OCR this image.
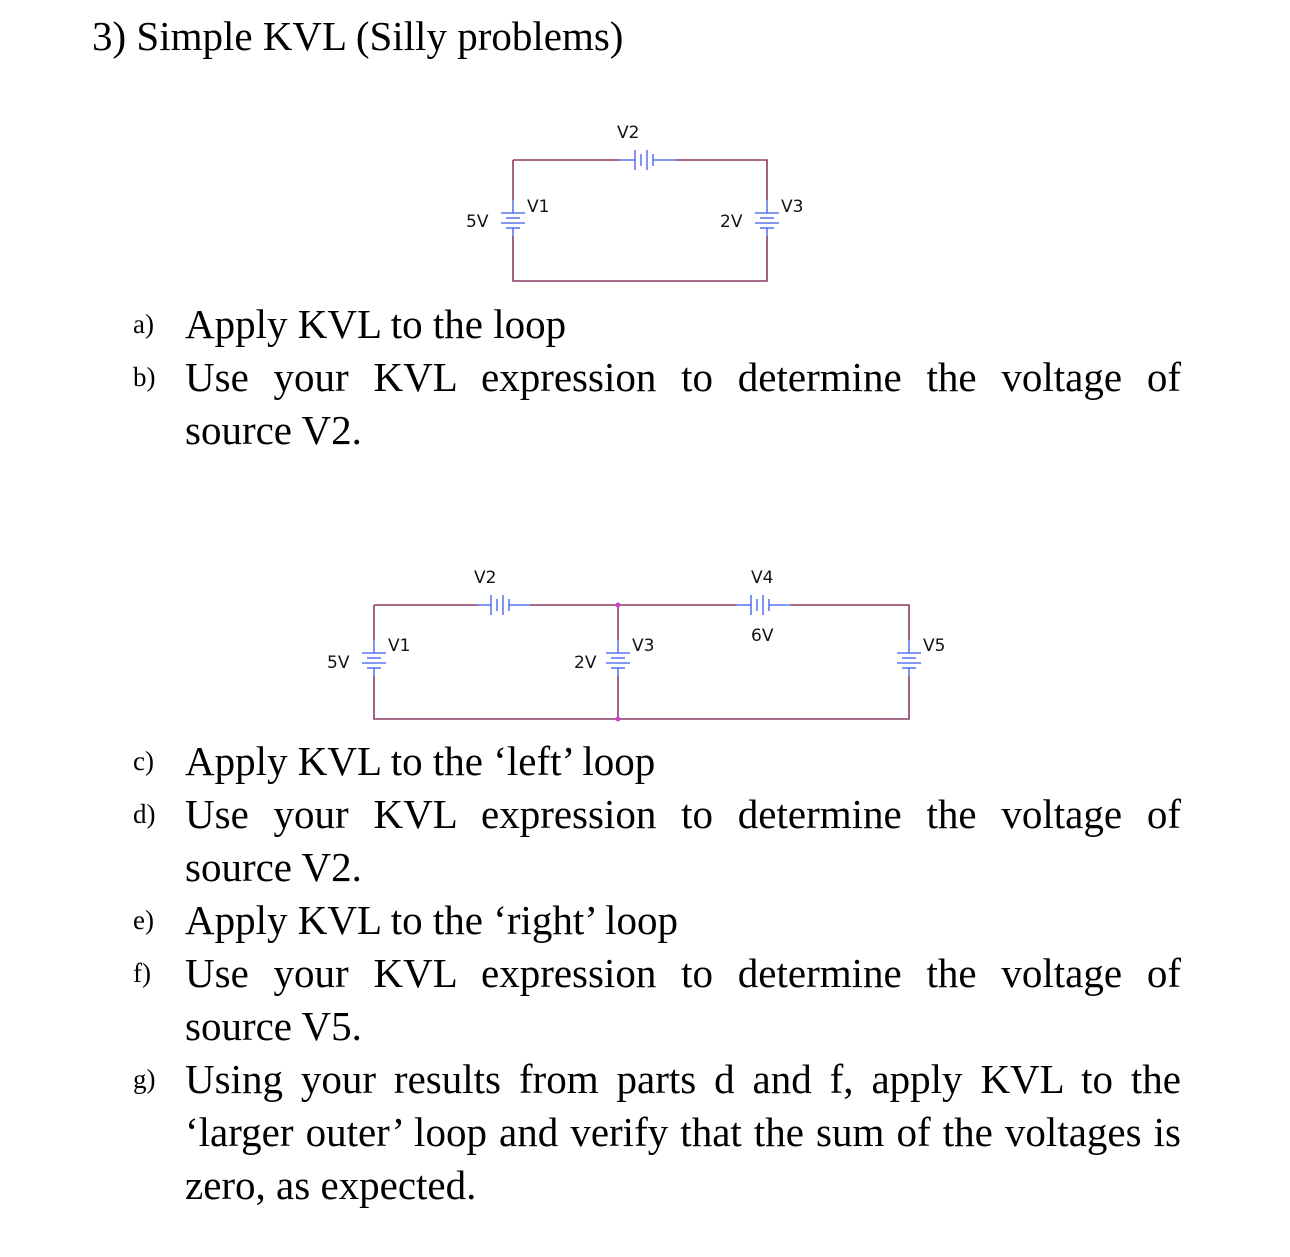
3) Simple KVL (Silly problems)
V1
5V
V2
V3
2V
a) Apply KVL to the loop
b) Use your KVL expression to determine the voltage of source V2.
V1
5V
V2
V3
2V
V4
6V	V5
c) Apply KVL to the ‘left’ loop
d) Use your KVL expression to determine the voltage of source V2.
e) Apply KVL to the ‘right’ loop
f) Use your KVL expression to determine the voltage of source V5.
g) Using your results from parts d and f, apply KVL to the ‘larger outer’ loop and verify that the sum of the voltages is zero, as expected.
